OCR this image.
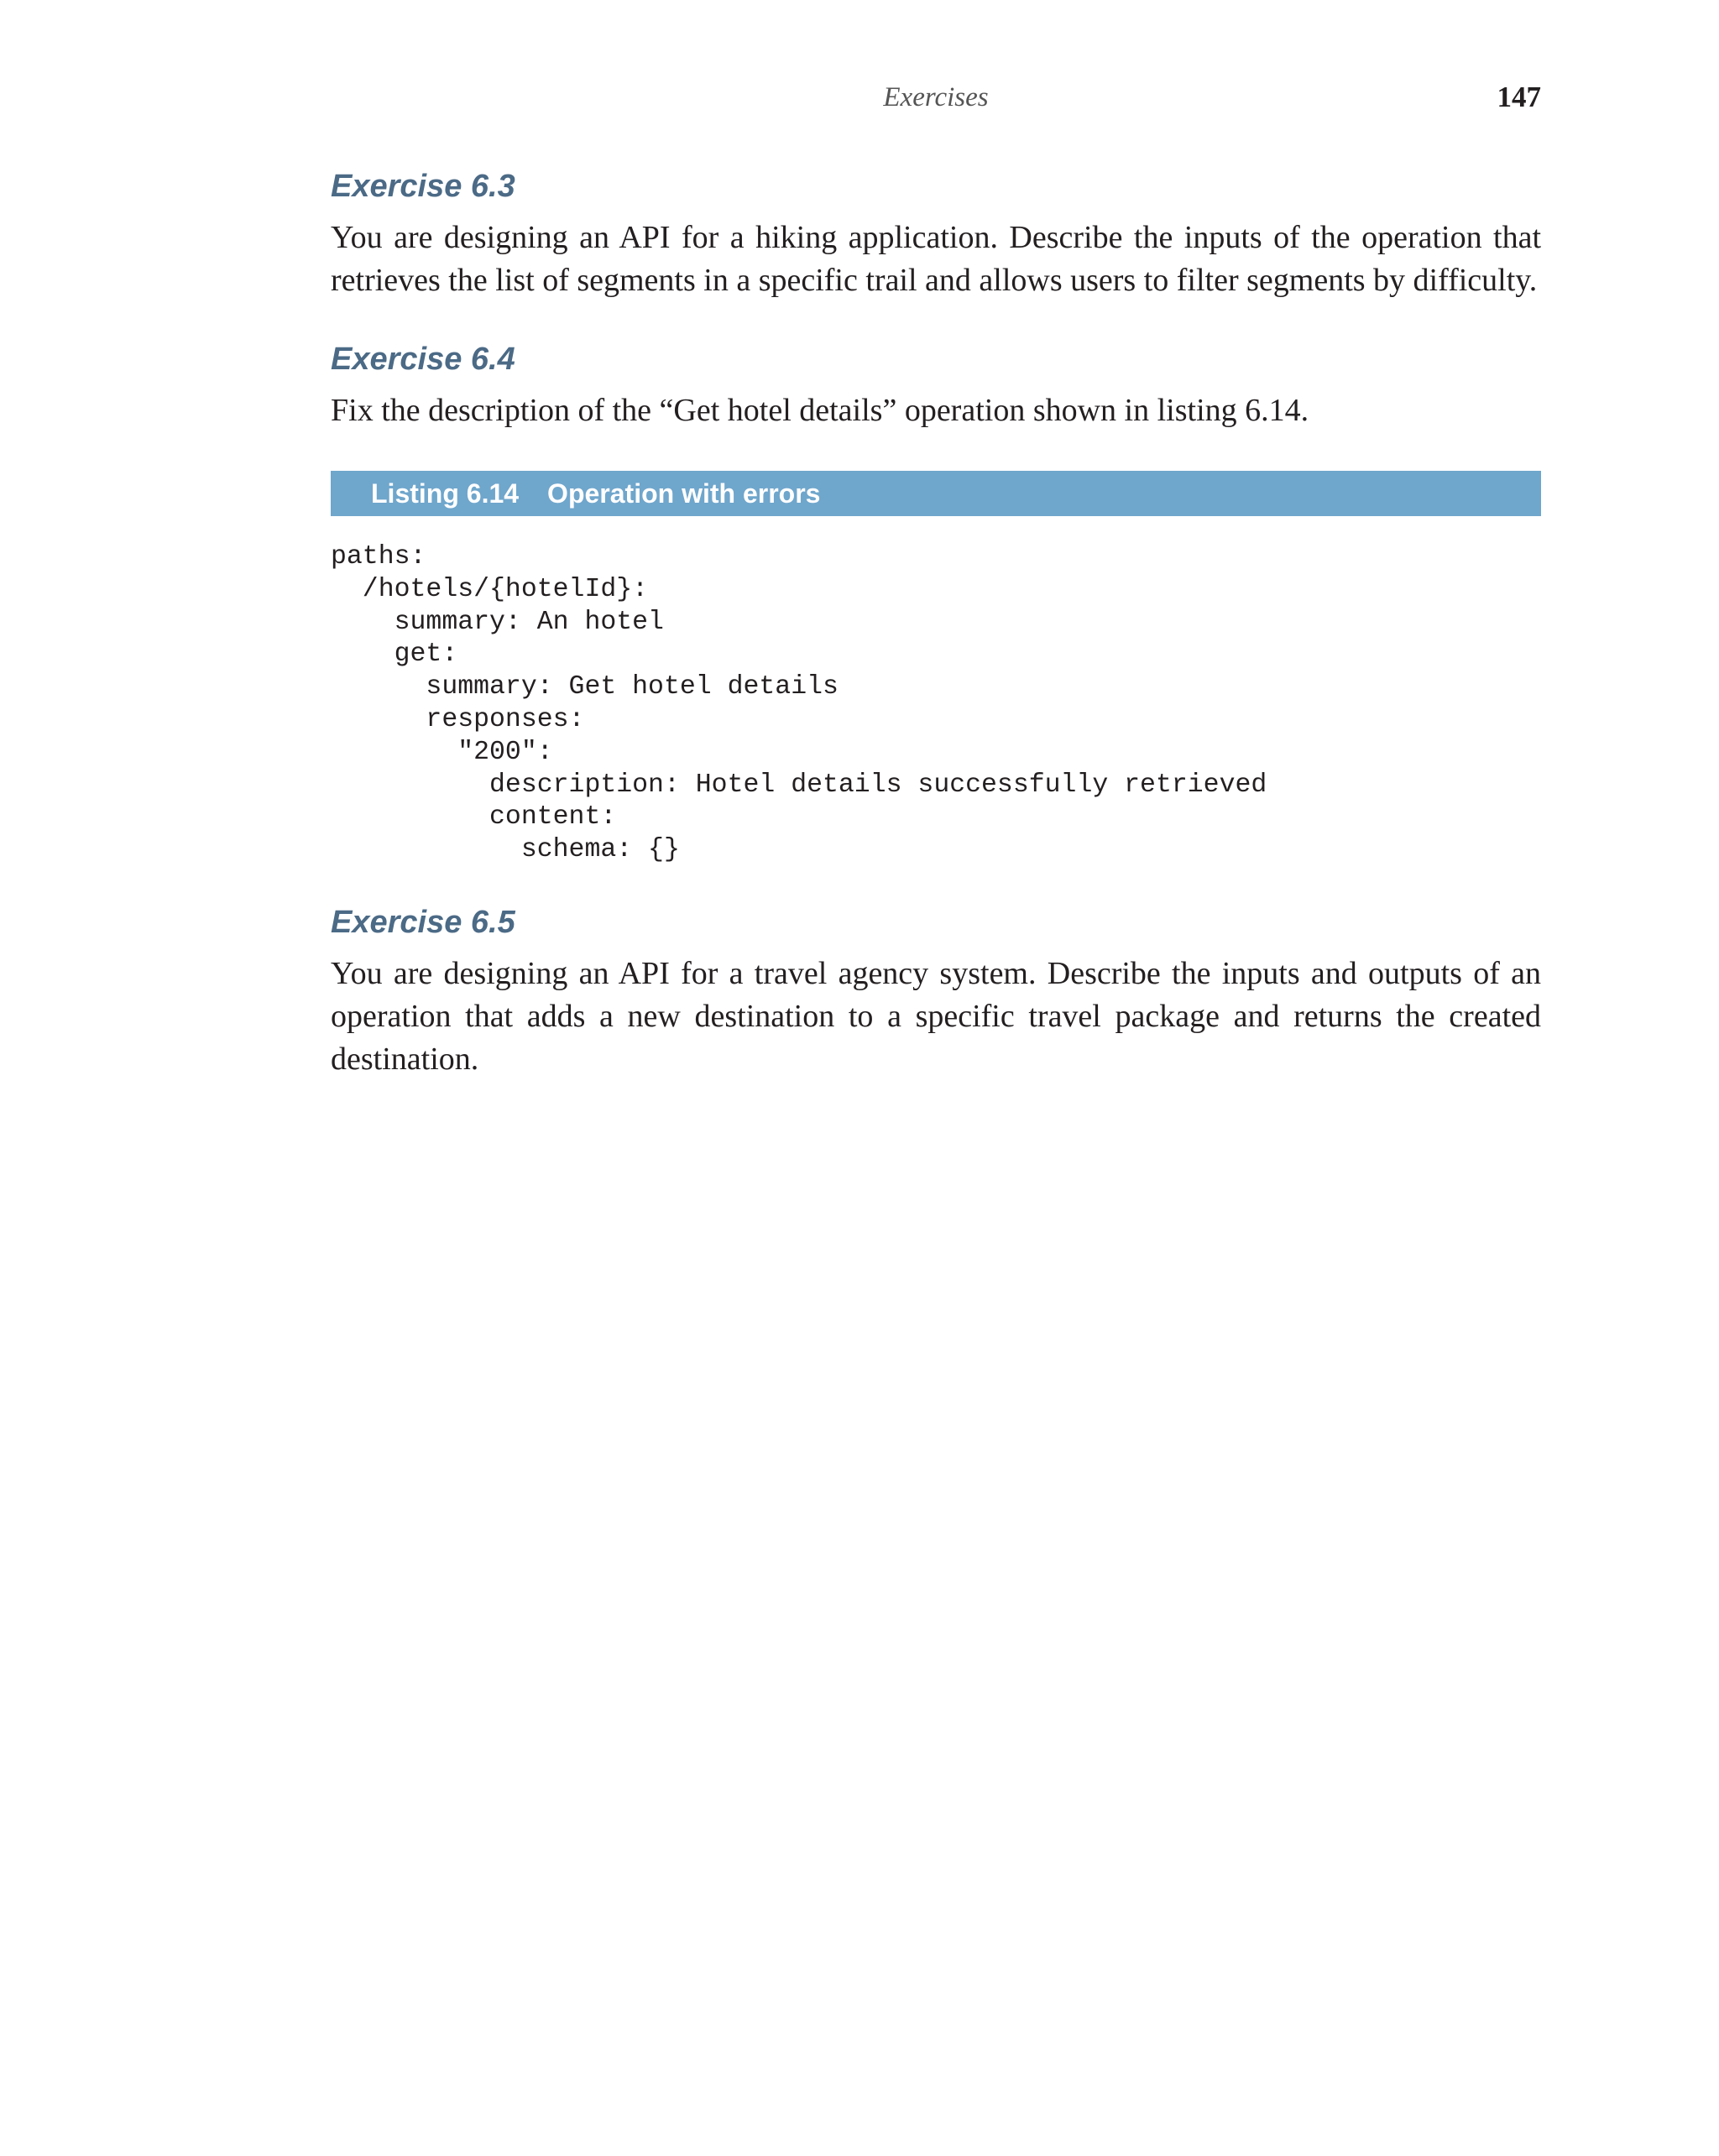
Exercises	147
Exercise 6.3

You are designing an API for a hiking application. Describe the inputs of the operation that retrieves the list of segments in a specific trail and allows users to filter segments by difficulty.

Exercise 6.4

Fix the description of the “Get hotel details” operation shown in listing 6.14.

Listing 6.14 Operation with errors
paths:
/hotels/{hotelId}:
summary: An hotel
get:
summary: Get hotel details
responses:
"200":
description: Hotel details successfully retrieved
content:
schema: {}
Exercise 6.5

You are designing an API for a travel agency system. Describe the inputs and outputs of an operation that adds a new destination to a specific travel package and returns the created destination.
